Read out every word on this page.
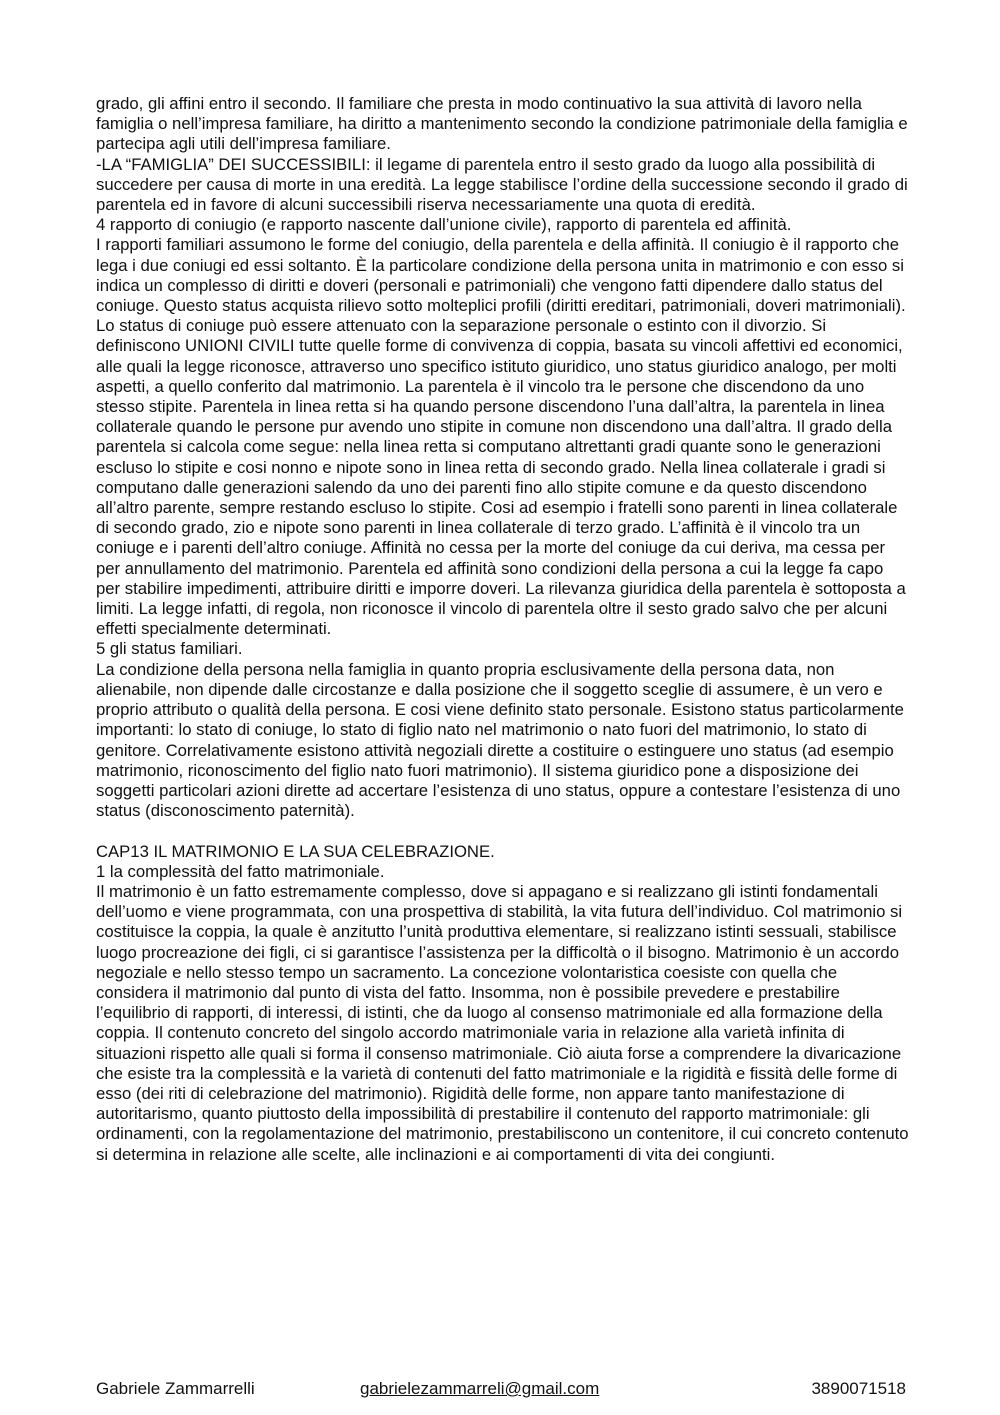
grado, gli affini entro il secondo. Il familiare che presta in modo continuativo la sua attività di lavoro nella famiglia o nell’impresa familiare, ha diritto a mantenimento secondo la condizione patrimoniale della famiglia e partecipa agli utili dell’impresa familiare.

-LA “FAMIGLIA” DEI SUCCESSIBILI: il legame di parentela entro il sesto grado da luogo alla possibilità di succedere per causa di morte in una eredità. La legge stabilisce l’ordine della successione secondo il grado di parentela ed in favore di alcuni successibili riserva necessariamente una quota di eredità.

4 rapporto di coniugio (e rapporto nascente dall’unione civile), rapporto di parentela ed affinità.

I rapporti familiari assumono le forme del coniugio, della parentela e della affinità. Il coniugio è il rapporto che lega i due coniugi ed essi soltanto. È la particolare condizione della persona unita in matrimonio e con esso si indica un complesso di diritti e doveri (personali e patrimoniali) che vengono fatti dipendere dallo status del coniuge. Questo status acquista rilievo sotto molteplici profili (diritti ereditari, patrimoniali, doveri matrimoniali). Lo status di coniuge può essere attenuato con la separazione personale o estinto con il divorzio. Si definiscono UNIONI CIVILI tutte quelle forme di convivenza di coppia, basata su vincoli affettivi ed economici, alle quali la legge riconosce, attraverso uno specifico istituto giuridico, uno status giuridico analogo, per molti aspetti, a quello conferito dal matrimonio. La parentela è il vincolo tra le persone che discendono da uno stesso stipite. Parentela in linea retta si ha quando persone discendono l’una dall’altra, la parentela in linea collaterale quando le persone pur avendo uno stipite in comune non discendono una dall’altra. Il grado della parentela si calcola come segue: nella linea retta si computano altrettanti gradi quante sono le generazioni escluso lo stipite e cosi nonno e nipote sono in linea retta di secondo grado. Nella linea collaterale i gradi si computano dalle generazioni salendo da uno dei parenti fino allo stipite comune e da questo discendono all’altro parente, sempre restando escluso lo stipite. Cosi ad esempio i fratelli sono parenti in linea collaterale di secondo grado, zio e nipote sono parenti in linea collaterale di terzo grado. L’affinità è il vincolo tra un coniuge e i parenti dell’altro coniuge. Affinità no cessa per la morte del coniuge da cui deriva, ma cessa per per annullamento del matrimonio. Parentela ed affinità sono condizioni della persona a cui la legge fa capo per stabilire impedimenti, attribuire diritti e imporre doveri. La rilevanza giuridica della parentela è sottoposta a limiti. La legge infatti, di regola, non riconosce il vincolo di parentela oltre il sesto grado salvo che per alcuni effetti specialmente determinati.

5 gli status familiari.

La condizione della persona nella famiglia in quanto propria esclusivamente della persona data, non alienabile, non dipende dalle circostanze e dalla posizione che il soggetto sceglie di assumere, è un vero e proprio attributo o qualità della persona. E cosi viene definito stato personale. Esistono status particolarmente importanti: lo stato di coniuge, lo stato di figlio nato nel matrimonio o nato fuori del matrimonio, lo stato di genitore. Correlativamente esistono attività negoziali dirette a costituire o estinguere uno status (ad esempio matrimonio, riconoscimento del figlio nato fuori matrimonio). Il sistema giuridico pone a disposizione dei soggetti particolari azioni dirette ad accertare l’esistenza di uno status, oppure a contestare l’esistenza di uno status (disconoscimento paternità).

CAP13 IL MATRIMONIO E LA SUA CELEBRAZIONE.

1 la complessità del fatto matrimoniale.

Il matrimonio è un fatto estremamente complesso, dove si appagano e si realizzano gli istinti fondamentali dell’uomo e viene programmata, con una prospettiva di stabilità, la vita futura dell’individuo. Col matrimonio si costituisce la coppia, la quale è anzitutto l’unità produttiva elementare, si realizzano istinti sessuali, stabilisce luogo procreazione dei figli, ci si garantisce l’assistenza per la difficoltà o il bisogno. Matrimonio è un accordo negoziale e nello stesso tempo un sacramento. La concezione volontaristica coesiste con quella che considera il matrimonio dal punto di vista del fatto. Insomma, non è possibile prevedere e prestabilire l’equilibrio di rapporti, di interessi, di istinti, che da luogo al consenso matrimoniale ed alla formazione della coppia. Il contenuto concreto del singolo accordo matrimoniale varia in relazione alla varietà infinita di situazioni rispetto alle quali si forma il consenso matrimoniale. Ciò aiuta forse a comprendere la divaricazione che esiste tra la complessità e la varietà di contenuti del fatto matrimoniale e la rigidità e fissità delle forme di esso (dei riti di celebrazione del matrimonio). Rigidità delle forme, non appare tanto manifestazione di autoritarismo, quanto piuttosto della impossibilità di prestabilire il contenuto del rapporto matrimoniale: gli ordinamenti, con la regolamentazione del matrimonio, prestabiliscono un contenitore, il cui concreto contenuto si determina in relazione alle scelte, alle inclinazioni e ai comportamenti di vita dei congiunti.

Gabriele Zammarrelli	gabrielezammarreli@gmail.com	3890071518
